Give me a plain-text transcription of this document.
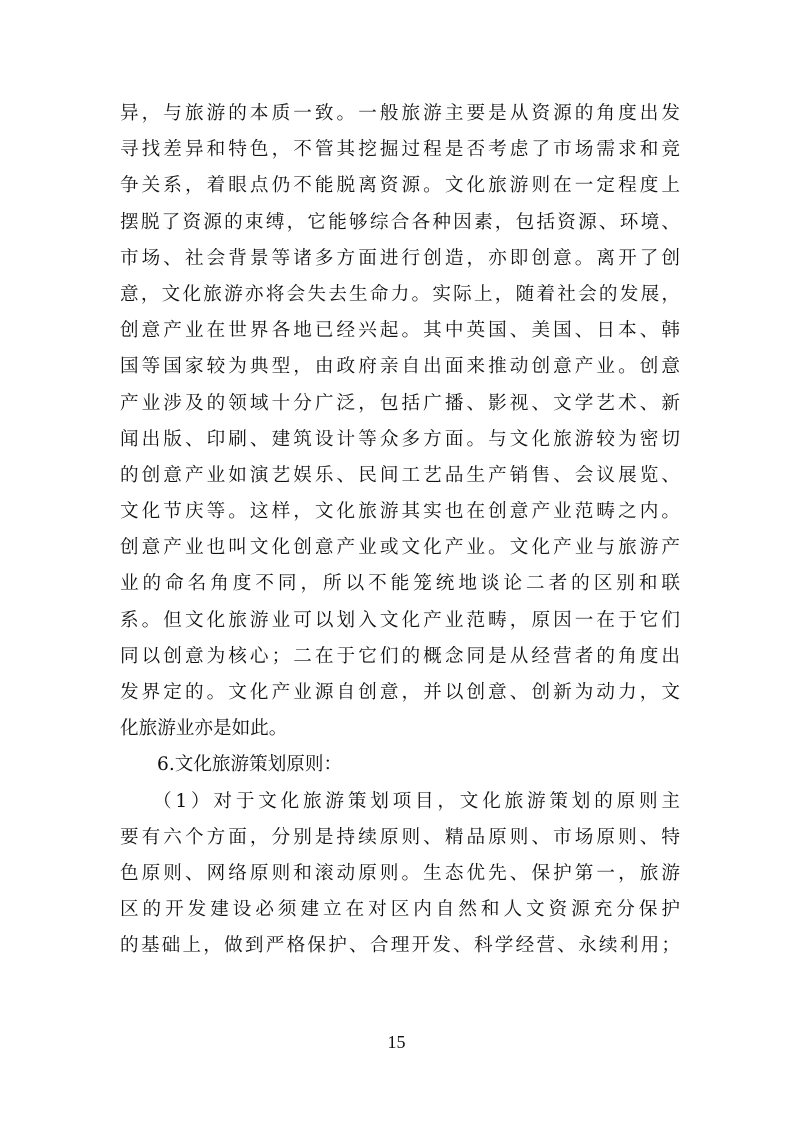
异，与旅游的本质一致。一般旅游主要是从资源的角度出发
寻找差异和特色，不管其挖掘过程是否考虑了市场需求和竞
争关系，着眼点仍不能脱离资源。文化旅游则在一定程度上
摆脱了资源的束缚，它能够综合各种因素，包括资源、环境、
市场、社会背景等诸多方面进行创造，亦即创意。离开了创
意，文化旅游亦将会失去生命力。实际上，随着社会的发展，
创意产业在世界各地已经兴起。其中英国、美国、日本、韩
国等国家较为典型，由政府亲自出面来推动创意产业。创意
产业涉及的领域十分广泛，包括广播、影视、文学艺术、新
闻出版、印刷、建筑设计等众多方面。与文化旅游较为密切
的创意产业如演艺娱乐、民间工艺品生产销售、会议展览、
文化节庆等。这样，文化旅游其实也在创意产业范畴之内。
创意产业也叫文化创意产业或文化产业。文化产业与旅游产
业的命名角度不同，所以不能笼统地谈论二者的区别和联
系。但文化旅游业可以划入文化产业范畴，原因一在于它们
同以创意为核心；二在于它们的概念同是从经营者的角度出
发界定的。文化产业源自创意，并以创意、创新为动力，文
化旅游业亦是如此。
6.文化旅游策划原则：
（1）对于文化旅游策划项目，文化旅游策划的原则主
要有六个方面，分别是持续原则、精品原则、市场原则、特
色原则、网络原则和滚动原则。生态优先、保护第一，旅游
区的开发建设必须建立在对区内自然和人文资源充分保护
的基础上，做到严格保护、合理开发、科学经营、永续利用；
15
